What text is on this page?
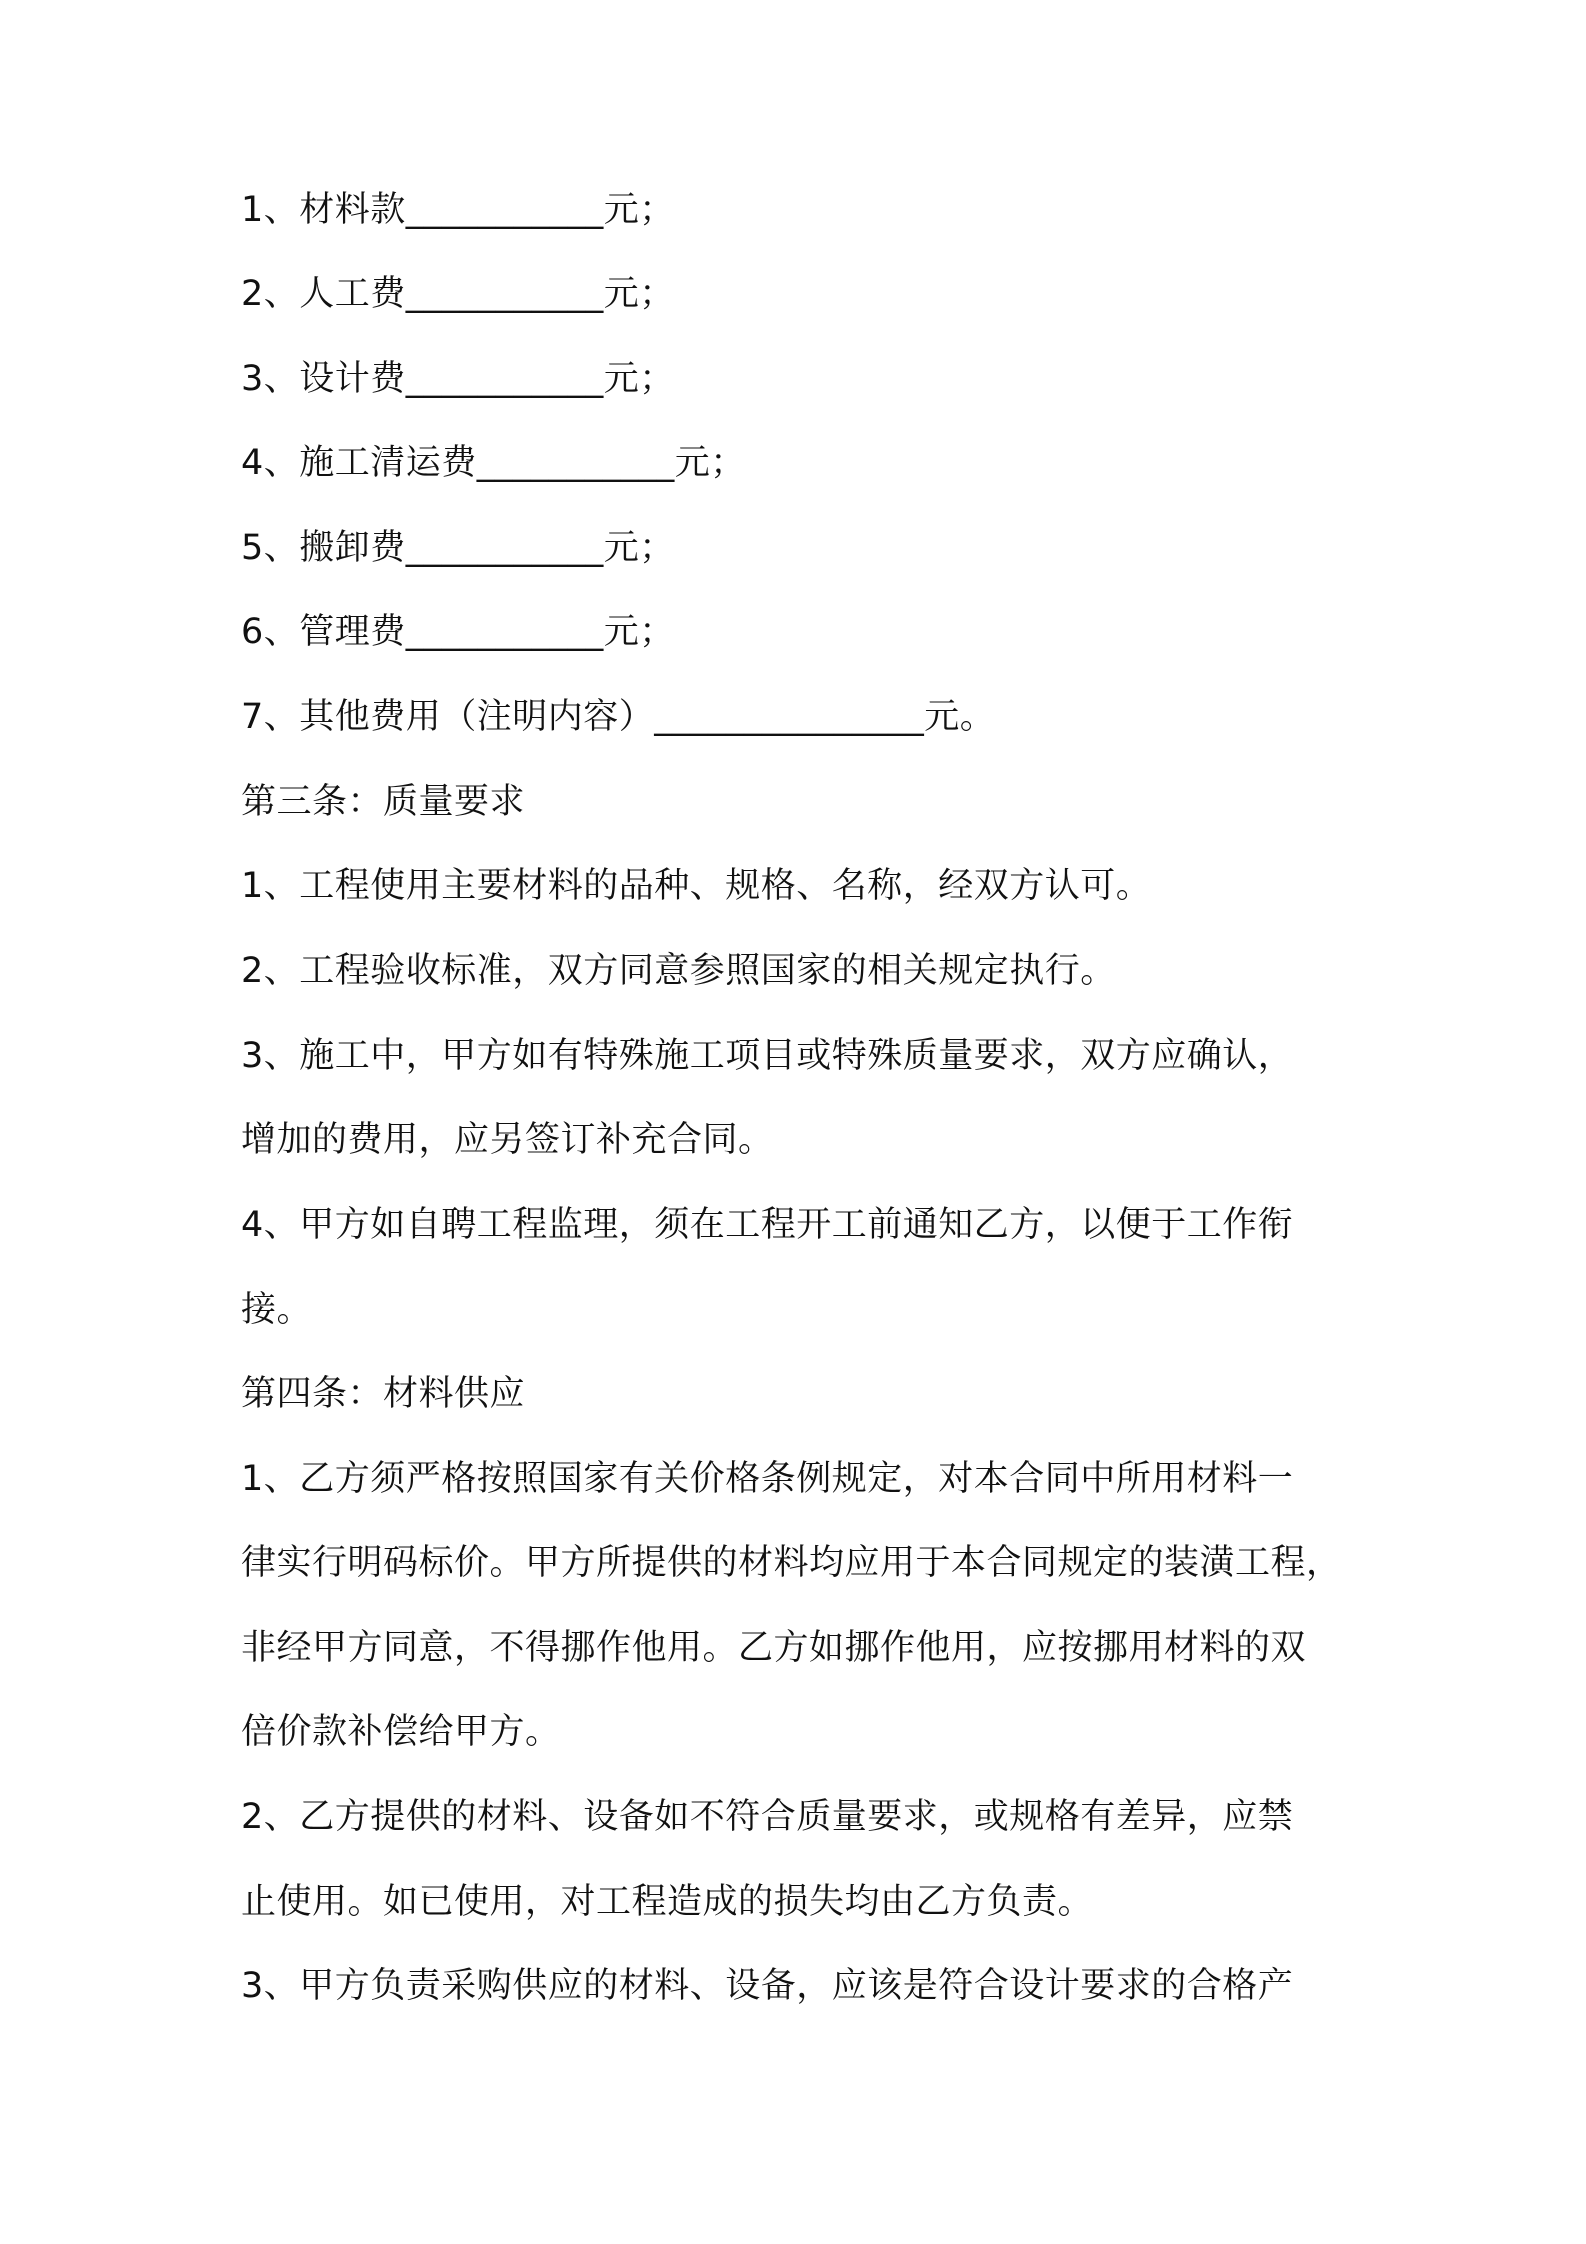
1、材料款___________元；
2、人工费___________元；
3、设计费___________元；
4、施工清运费___________元；
5、搬卸费___________元；
6、管理费___________元；
7、其他费用（注明内容）_______________元。
第三条：质量要求
1、工程使用主要材料的品种、规格、名称，经双方认可。
2、工程验收标准，双方同意参照国家的相关规定执行。
3、施工中，甲方如有特殊施工项目或特殊质量要求，双方应确认，
增加的费用，应另签订补充合同。
4、甲方如自聘工程监理，须在工程开工前通知乙方，以便于工作衔
接。
第四条：材料供应
1、乙方须严格按照国家有关价格条例规定，对本合同中所用材料一
律实行明码标价。甲方所提供的材料均应用于本合同规定的装潢工程，
非经甲方同意，不得挪作他用。乙方如挪作他用，应按挪用材料的双
倍价款补偿给甲方。
2、乙方提供的材料、设备如不符合质量要求，或规格有差异，应禁
止使用。如已使用，对工程造成的损失均由乙方负责。
3、甲方负责采购供应的材料、设备，应该是符合设计要求的合格产
